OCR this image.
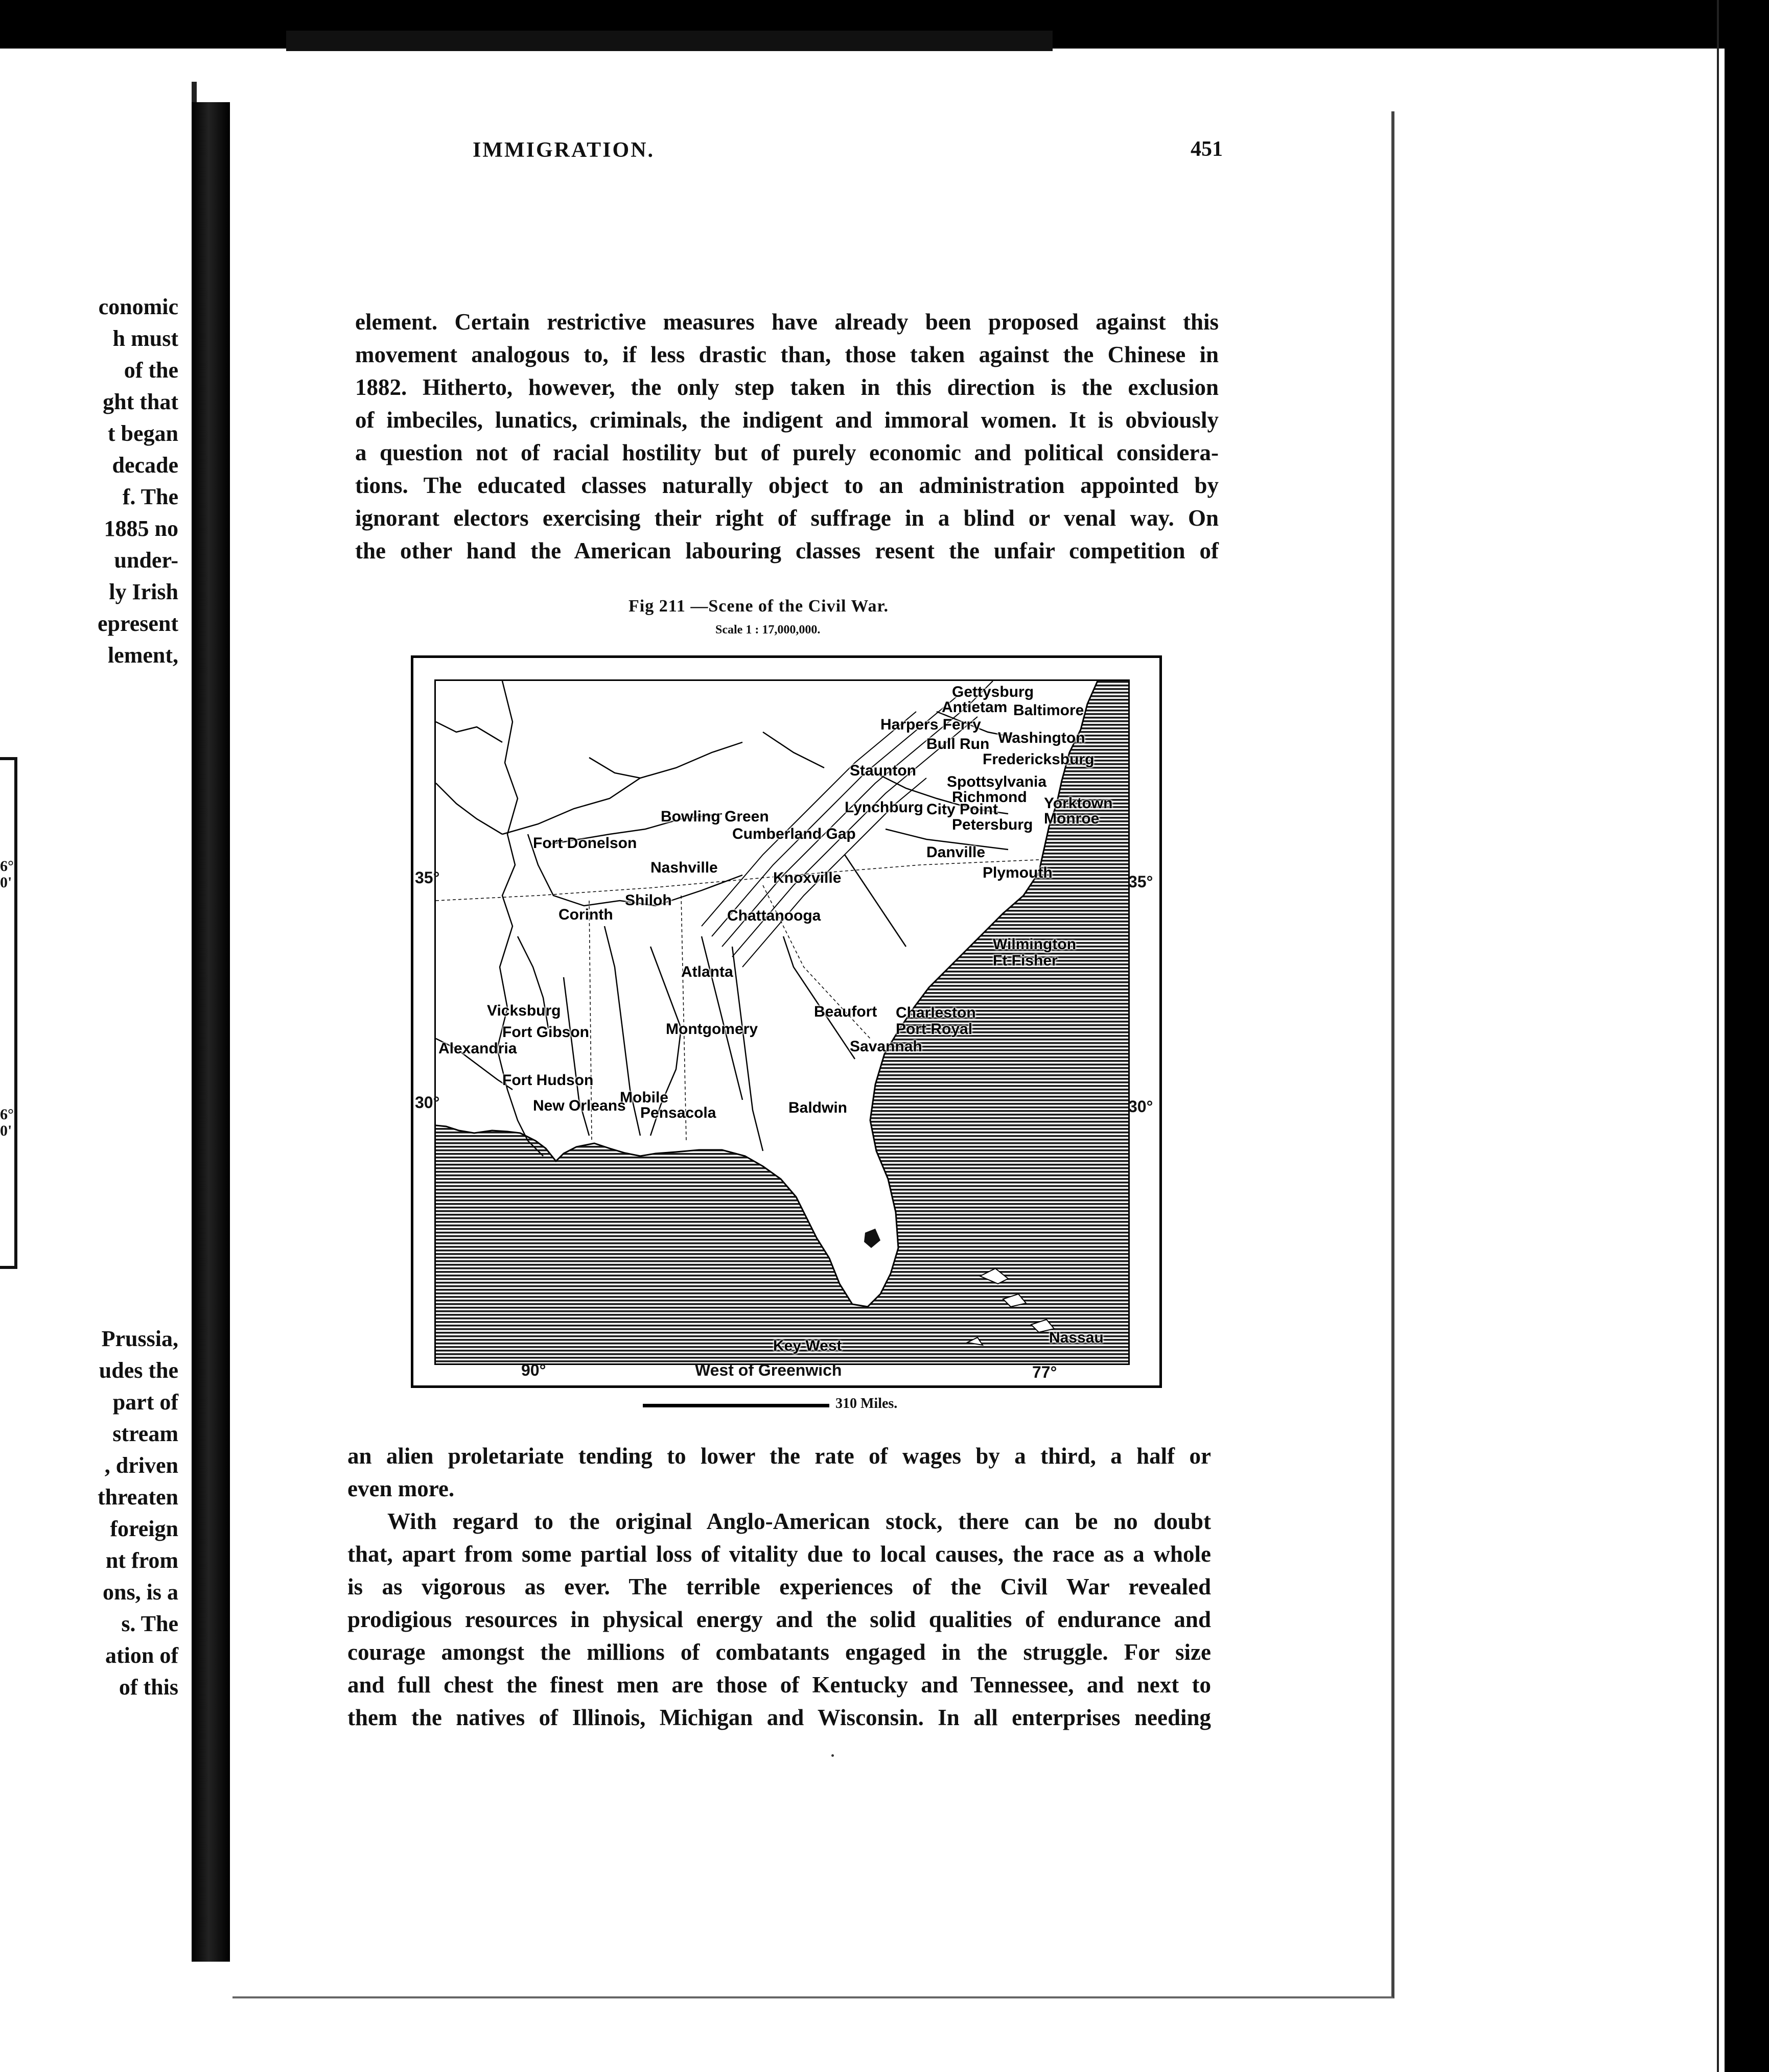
conomic
h must
of the
ght that
t began
decade
f. The
1885 no
under-
ly Irish
epresent
lement,
6°
0'
6°
0'
Prussia,
udes the
part of
stream
, driven
threaten
foreign
nt from
ons, is a
s. The
ation of
of this
IMMIGRATION.	451
element. Certain restrictive measures have already been proposed against this
movement analogous to, if less drastic than, those taken against the Chinese in
1882. Hitherto, however, the only step taken in this direction is the exclusion
of imbeciles, lunatics, criminals, the indigent and immoral women. It is obviously
a question not of racial hostility but of purely economic and political considera-
tions. The educated classes naturally object to an administration appointed by
ignorant electors exercising their right of suffrage in a blind or venal way. On
the other hand the American labouring classes resent the unfair competition of
Fig 211 —Scene of the Civil War.
Scale 1 : 17,000,000.
Gettysburg
Antietam Baltimore
Harpers Ferry
Washington
Bull Run
Fredericksburg
Staunton
Spottsylvania
Richmond
Lynchburg City Point	Yorktown
Monroe
Petersburg
Bowling Green
Cumberland Gap
Fort Donelson
Nashville
Danville
Plymouth
Knoxville
Shiloh
Corinth	Chattanooga
Wilmington
Ft Fisher
Atlanta
Vicksburg	Beaufort Charleston
Fort Gibson	Port Royal
Alexandria
Montgomery
Savannah
Fort Hudson
Mobile
New Orleans Pensacola	Baldwin
Key West	Nassau
35°	35°
30°	30°
90°	77°
West of Greenwich
310 Miles.
an alien proletariate tending to lower the rate of wages by a third, a half or
even more.
With regard to the original Anglo-American stock, there can be no doubt
that, apart from some partial loss of vitality due to local causes, the race as a whole
is as vigorous as ever. The terrible experiences of the Civil War revealed
prodigious resources in physical energy and the solid qualities of endurance and
courage amongst the millions of combatants engaged in the struggle. For size
and full chest the finest men are those of Kentucky and Tennessee, and next to
them the natives of Illinois, Michigan and Wisconsin. In all enterprises needing
